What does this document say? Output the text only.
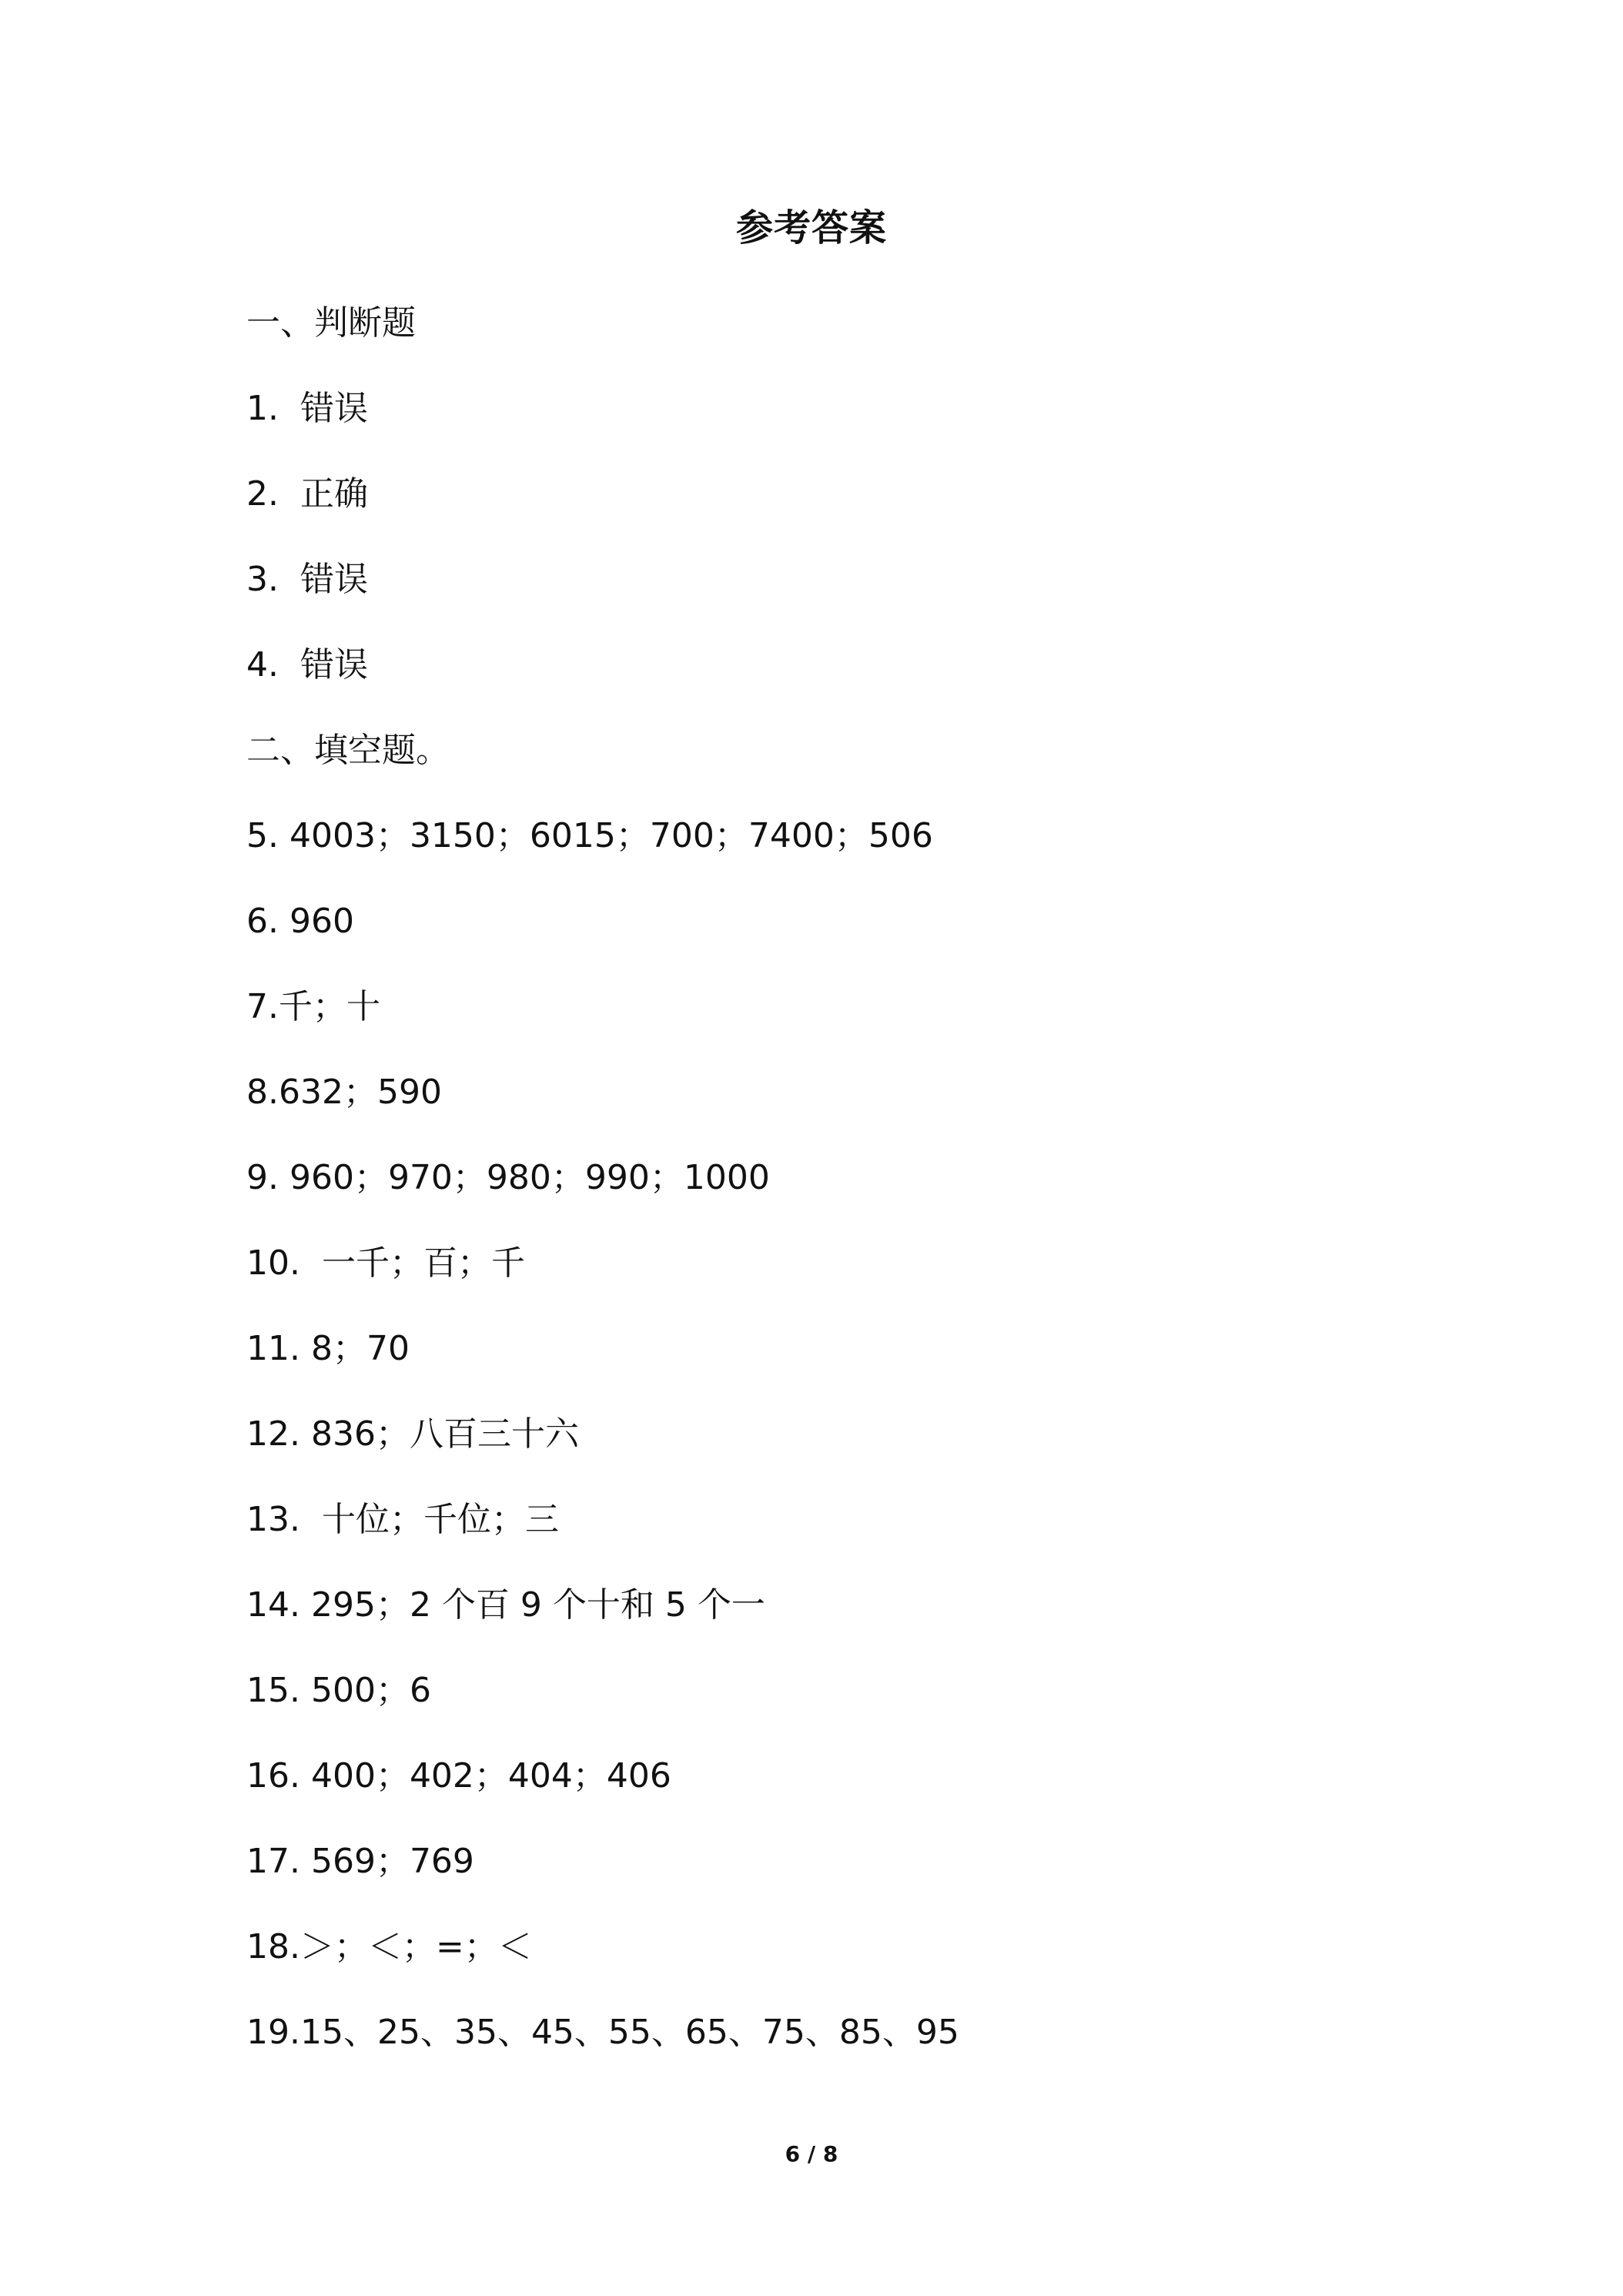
参考答案
一、判断题
1.  错误
2.  正确
3.  错误
4.  错误
二、填空题。
5. 4003；3150；6015；700；7400；506
6. 960
7.千；十
8.632；590
9. 960；970；980；990；1000
10.  一千；百；千
11. 8；70
12. 836；八百三十六
13.  十位；千位；三
14. 295；2 个百 9 个十和 5 个一
15. 500；6
16. 400；402；404；406
17. 569；769
18.＞；＜；=；＜
19.15、25、35、45、55、65、75、85、95
6 / 8
